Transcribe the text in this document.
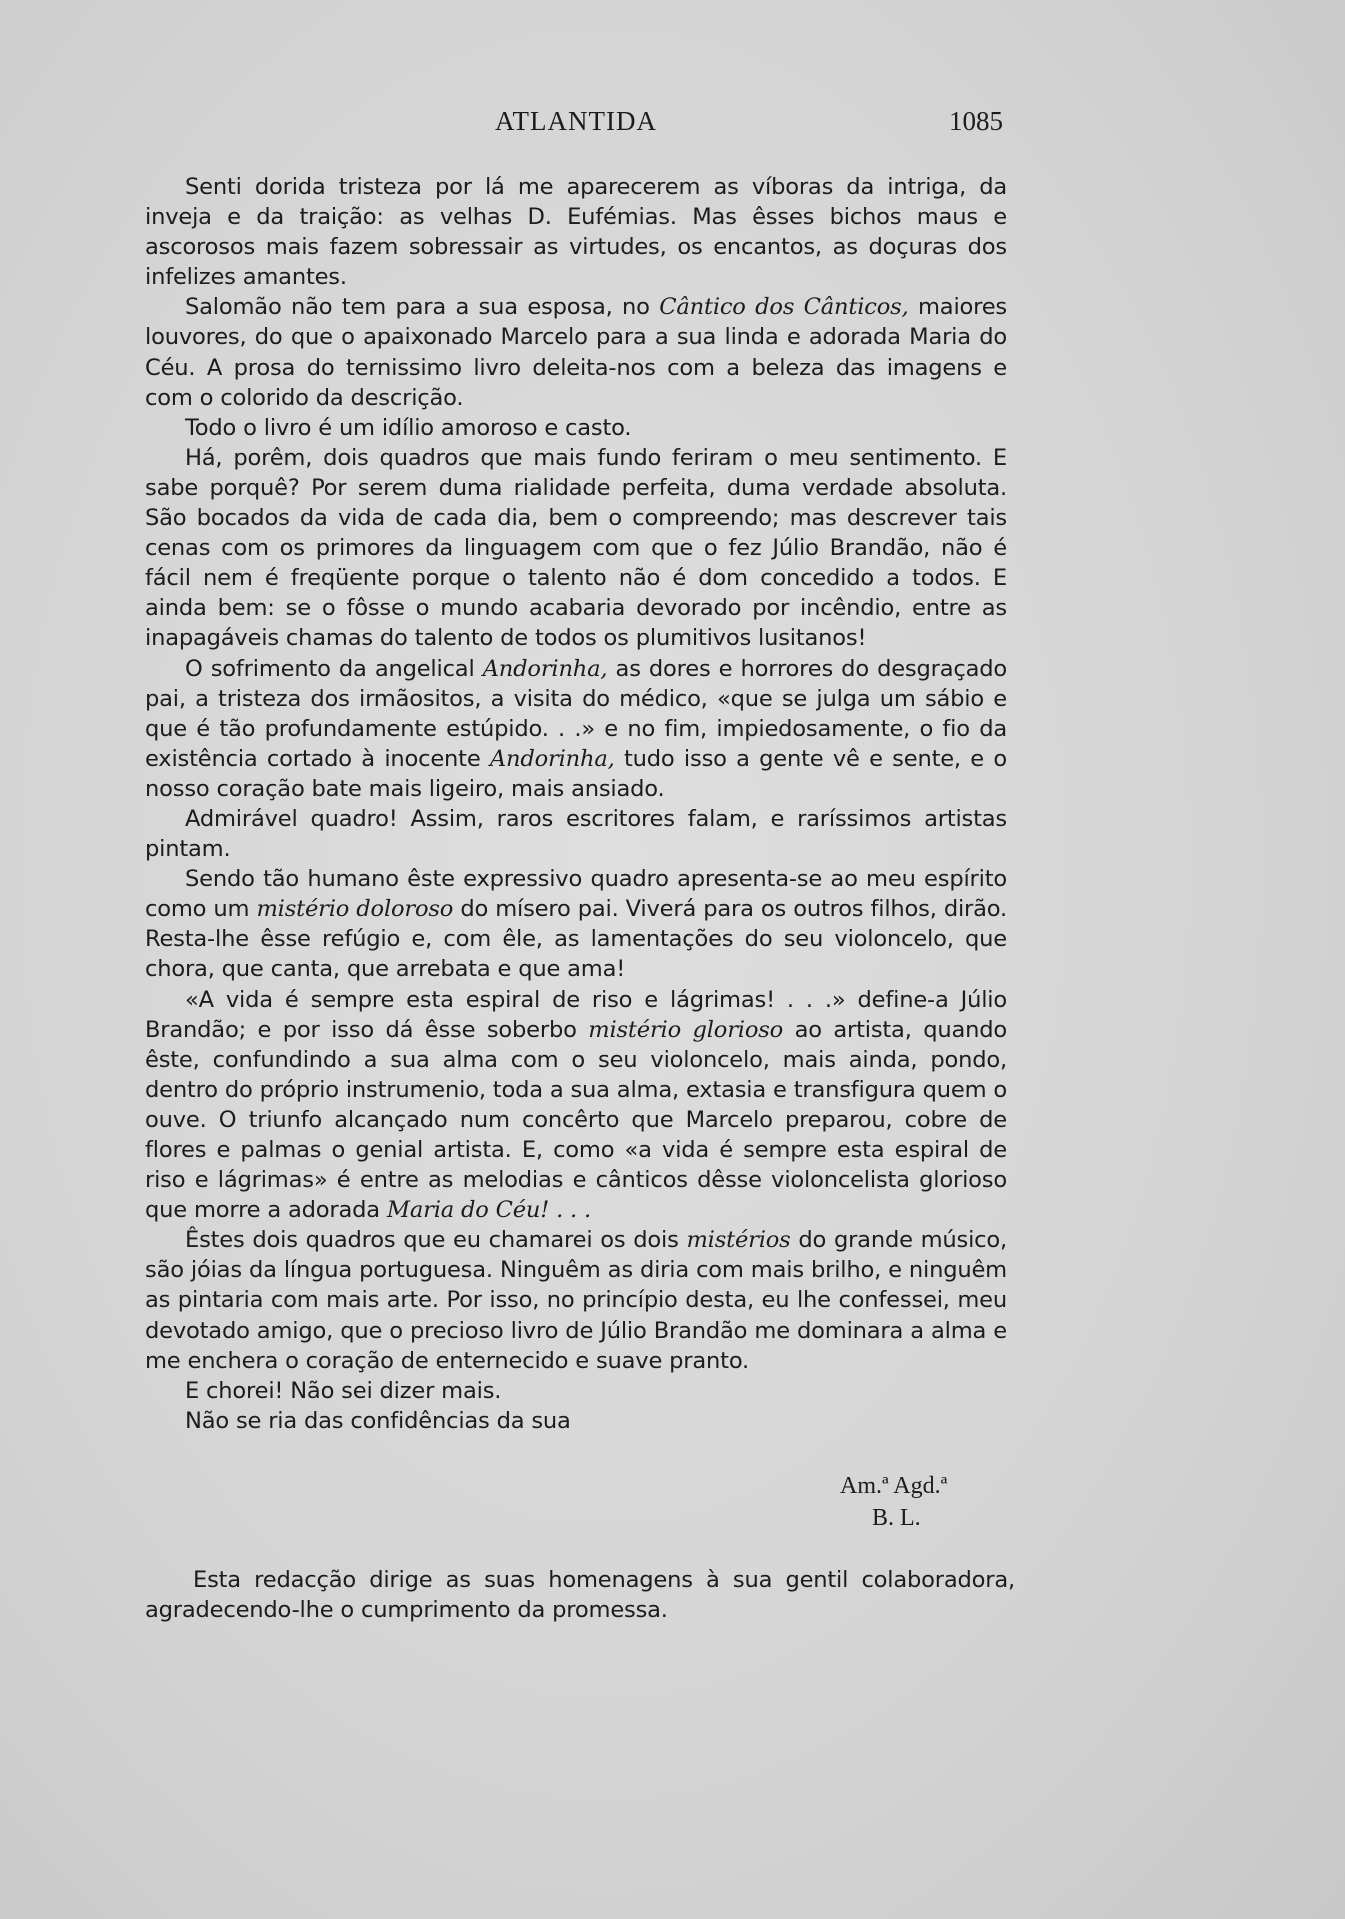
ATLANTIDA	1085

Senti dorida tristeza por lá me aparecerem as víboras da intriga, da inveja e da traição: as velhas D. Eufémias. Mas êsses bichos maus e ascorosos mais fazem sobressair as virtudes, os encantos, as doçuras dos infelizes amantes.

Salomão não tem para a sua esposa, no Cântico dos Cânticos, maiores louvores, do que o apaixonado Marcelo para a sua linda e adorada Maria do Céu. A prosa do ternissimo livro deleita-nos com a beleza das imagens e com o colorido da descrição.

Todo o livro é um idílio amoroso e casto.

Há, porêm, dois quadros que mais fundo feriram o meu sentimento. E sabe porquê? Por serem duma rialidade perfeita, duma verdade absoluta. São bocados da vida de cada dia, bem o compreendo; mas descrever tais cenas com os primores da linguagem com que o fez Júlio Brandão, não é fácil nem é freqüente porque o talento não é dom concedido a todos. E ainda bem: se o fôsse o mundo acabaria devorado por incêndio, entre as inapagáveis chamas do talento de todos os plumitivos lusitanos!

O sofrimento da angelical Andorinha, as dores e horrores do desgraçado pai, a tristeza dos irmãositos, a visita do médico, «que se julga um sábio e que é tão profundamente estúpido. . .» e no fim, impiedosamente, o fio da existência cortado à inocente Andorinha, tudo isso a gente vê e sente, e o nosso coração bate mais ligeiro, mais ansiado.

Admirável quadro! Assim, raros escritores falam, e raríssimos artistas pintam.

Sendo tão humano êste expressivo quadro apresenta-se ao meu espírito como um mistério doloroso do mísero pai. Viverá para os outros filhos, dirão. Resta-lhe êsse refúgio e, com êle, as lamentações do seu violoncelo, que chora, que canta, que arrebata e que ama!

«A vida é sempre esta espiral de riso e lágrimas! . . .» define-a Júlio Brandão; e por isso dá êsse soberbo mistério glorioso ao artista, quando êste, confundindo a sua alma com o seu violoncelo, mais ainda, pondo, dentro do próprio instrumenio, toda a sua alma, extasia e transfigura quem o ouve. O triunfo alcançado num concêrto que Marcelo preparou, cobre de flores e palmas o genial artista. E, como «a vida é sempre esta espiral de riso e lágrimas» é entre as melodias e cânticos dêsse violoncelista glorioso que morre a adorada Maria do Céu! . . .

Êstes dois quadros que eu chamarei os dois mistérios do grande músico, são jóias da língua portuguesa. Ninguêm as diria com mais brilho, e ninguêm as pintaria com mais arte. Por isso, no princípio desta, eu lhe confessei, meu devotado amigo, que o precioso livro de Júlio Brandão me dominara a alma e me enchera o coração de enternecido e suave pranto.

E chorei! Não sei dizer mais.

Não se ria das confidências da sua

Am.ª Agd.ª
B. L.

Esta redacção dirige as suas homenagens à sua gentil colaboradora, agradecendo-lhe o cumprimento da promessa.
